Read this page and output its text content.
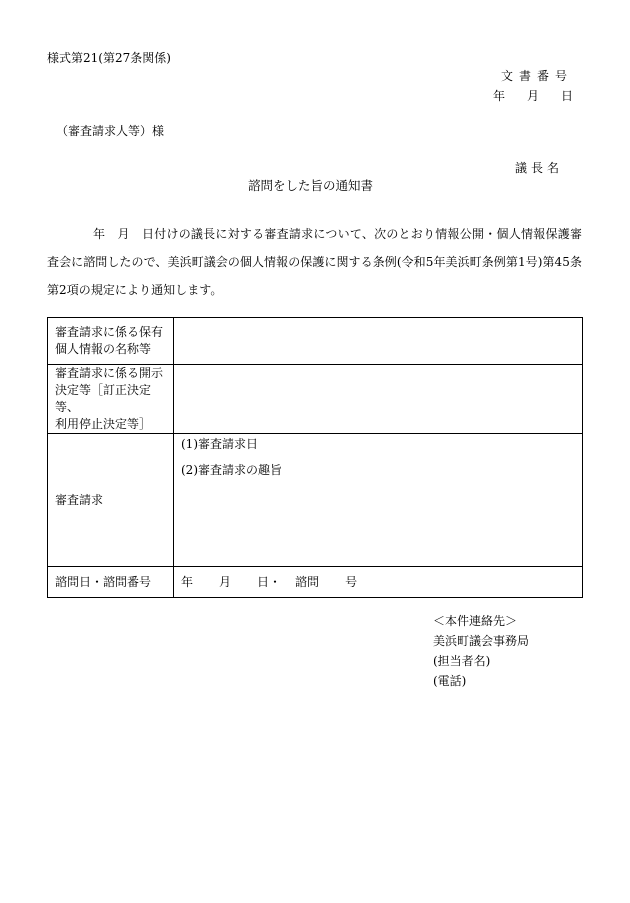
様式第21(第27条関係)
文書番号
年 月 日
（審査請求人等）様
議長名
諮問をした旨の通知書
年　月　日付けの議長に対する審査請求について、次のとおり情報公開・個人情報保護審査会に諮問したので、美浜町議会の個人情報の保護に関する条例(令和5年美浜町条例第1号)第45条第2項の規定により通知します。
審査請求に係る保有
個人情報の名称等	

審査請求に係る開示
決定等［訂正決定等、
利用停止決定等］	

審査請求	(1)審査請求日
(2)審査請求の趣旨

諮問日・諮問番号	年 月 日・ 諮問 号
＜本件連絡先＞
美浜町議会事務局
(担当者名)
(電話)
